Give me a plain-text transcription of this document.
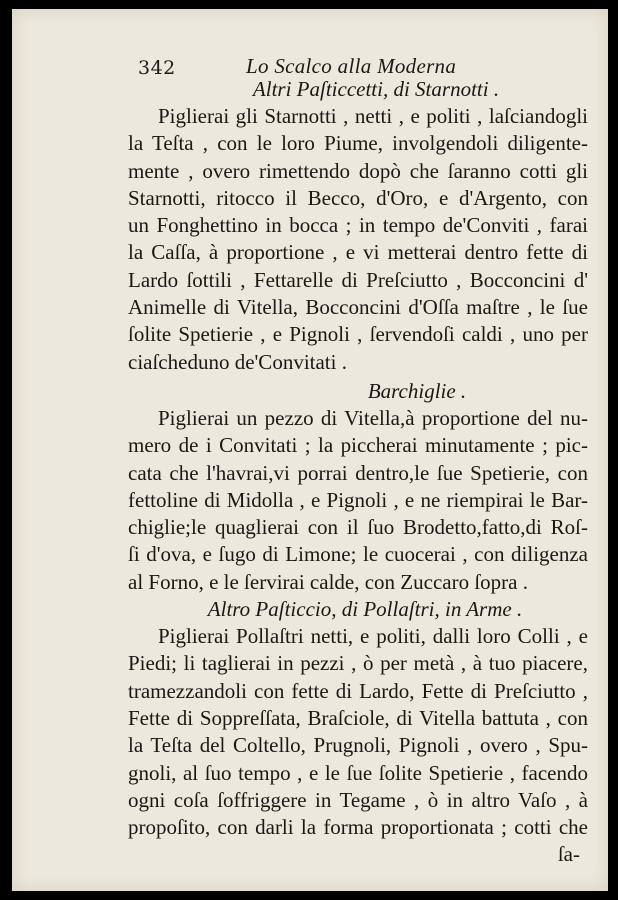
342	Lo Scalco alla Moderna
Altri Paſticcetti, di Starnotti .
Piglierai gli Starnotti , netti , e politi , laſciandogli
la Teſta , con le loro Piume, involgendoli diligente-
mente , overo rimettendo dopò che ſaranno cotti gli
Starnotti, ritocco il Becco, d'Oro, e d'Argento, con
un Fonghettino in bocca ; in tempo de'Conviti , farai
la Caſſa, à proportione , e vi metterai dentro fette di
Lardo ſottili , Fettarelle di Preſciutto , Bocconcini d'
Animelle di Vitella, Bocconcini d'Oſſa maſtre , le ſue
ſolite Spetierie , e Pignoli , ſervendoſi caldi , uno per
ciaſcheduno de'Convitati .
Barchiglie .
Piglierai un pezzo di Vitella,à proportione del nu-
mero de i Convitati ; la piccherai minutamente ; pic-
cata che l'havrai,vi porrai dentro,le ſue Spetierie, con
fettoline di Midolla , e Pignoli , e ne riempirai le Bar-
chiglie;le quaglierai con il ſuo Brodetto,fatto,di Roſ-
ſi d'ova, e ſugo di Limone; le cuocerai , con diligenza
al Forno, e le ſervirai calde, con Zuccaro ſopra .
Altro Paſticcio, di Pollaſtri, in Arme .
Piglierai Pollaſtri netti, e politi, dalli loro Colli , e
Piedi; li taglierai in pezzi , ò per metà , à tuo piacere,
tramezzandoli con fette di Lardo, Fette di Preſciutto ,
Fette di Soppreſſata, Braſciole, di Vitella battuta , con
la Teſta del Coltello, Prugnoli, Pignoli , overo , Spu-
gnoli, al ſuo tempo , e le ſue ſolite Spetierie , facendo
ogni coſa ſoffriggere in Tegame , ò in altro Vaſo , à
propoſito, con darli la forma proportionata ; cotti che
ſa-
